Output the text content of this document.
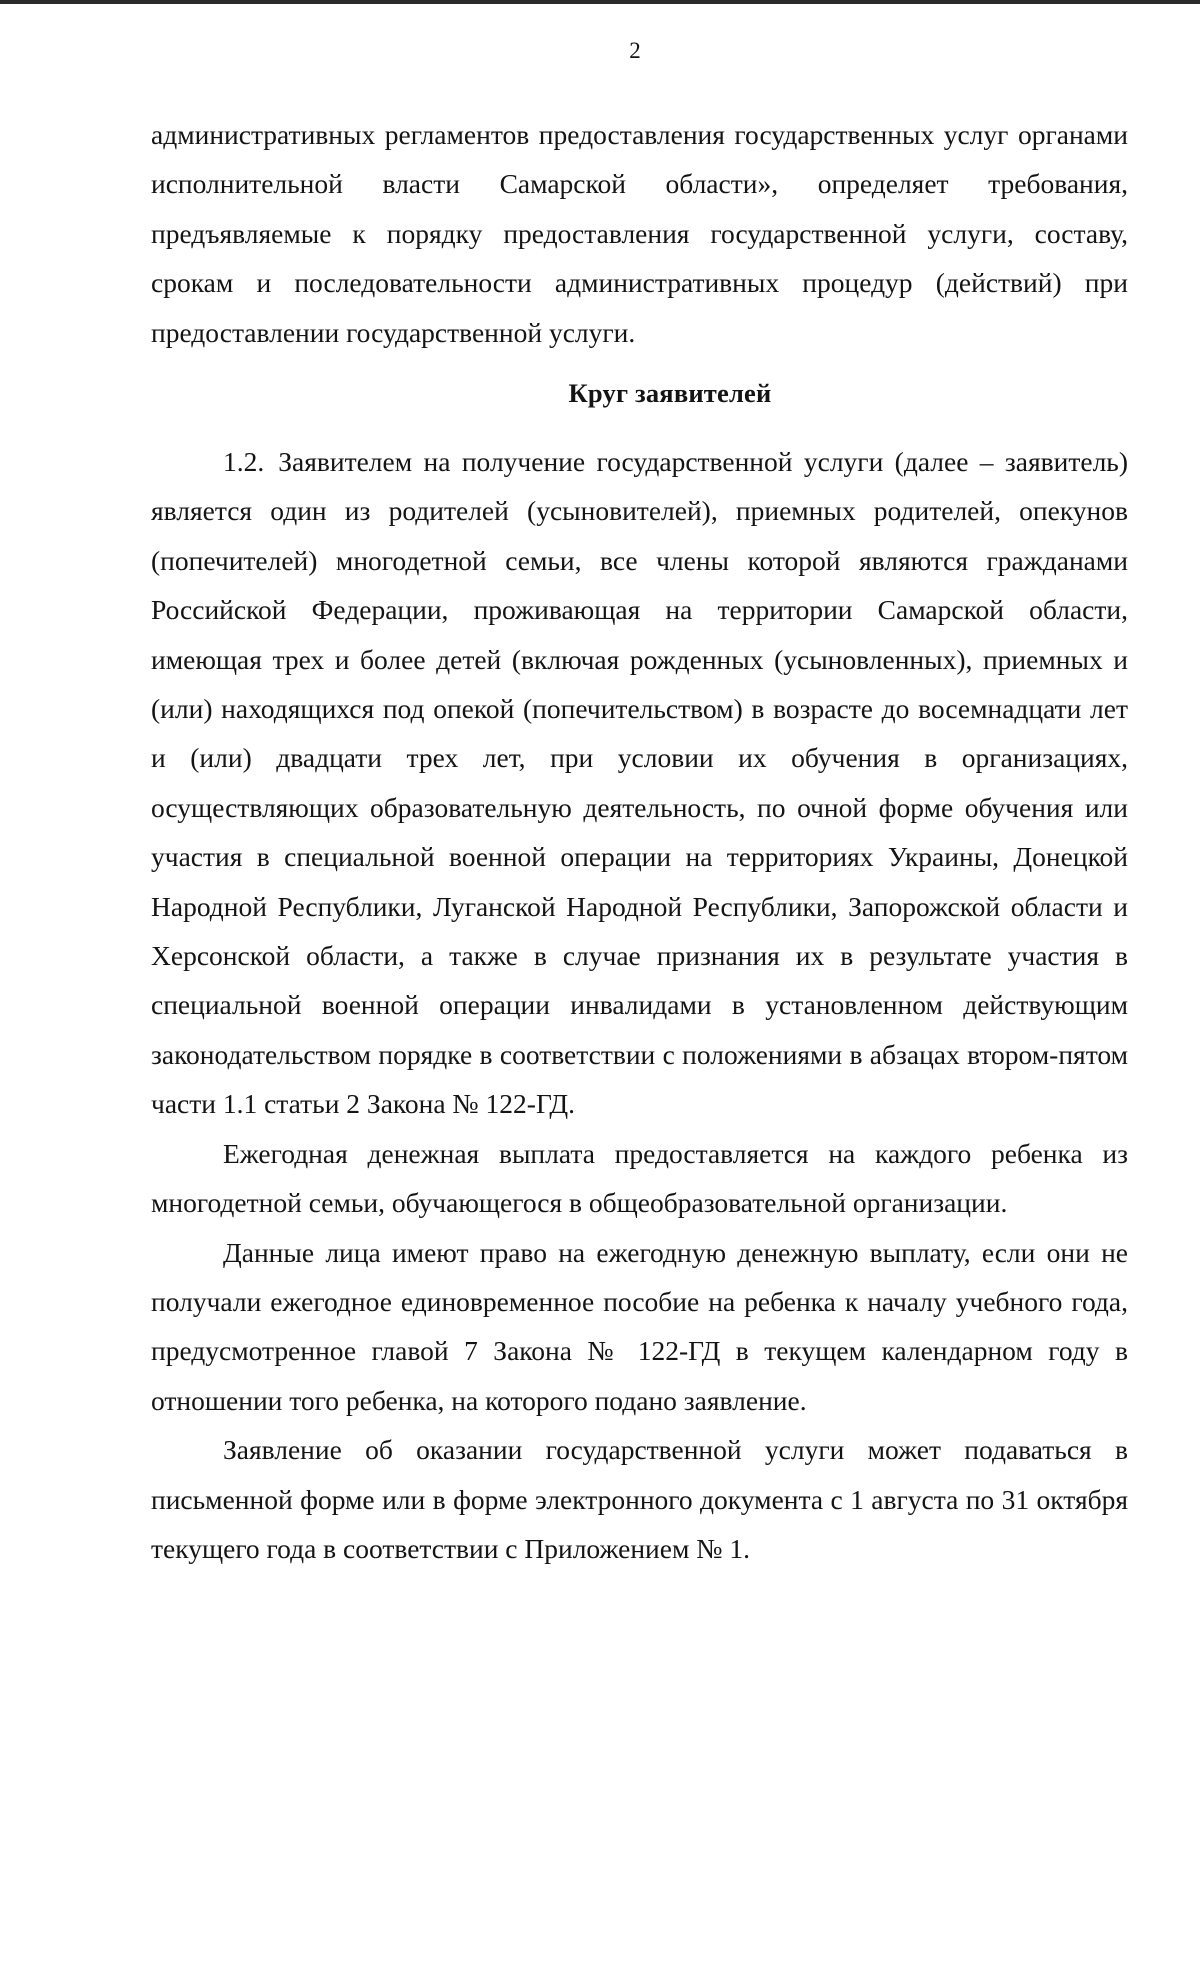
2

административных регламентов предоставления государственных услуг органами исполнительной власти Самарской области», определяет требования, предъявляемые к порядку предоставления государственной услуги, составу, срокам и последовательности административных процедур (действий) при предоставлении государственной услуги.

Круг заявителей

1.2. Заявителем на получение государственной услуги (далее – заявитель) является один из родителей (усыновителей), приемных родителей, опекунов (попечителей) многодетной семьи, все члены которой являются гражданами Российской Федерации, проживающая на территории Самарской области, имеющая трех и более детей (включая рожденных (усыновленных), приемных и (или) находящихся под опекой (попечительством) в возрасте до восемнадцати лет и (или) двадцати трех лет, при условии их обучения в организациях, осуществляющих образовательную деятельность, по очной форме обучения или участия в специальной военной операции на территориях Украины, Донецкой Народной Республики, Луганской Народной Республики, Запорожской области и Херсонской области, а также в случае признания их в результате участия в специальной военной операции инвалидами в установленном действующим законодательством порядке в соответствии с положениями в абзацах втором-пятом части 1.1 статьи 2 Закона № 122-ГД.

Ежегодная денежная выплата предоставляется на каждого ребенка из многодетной семьи, обучающегося в общеобразовательной организации.

Данные лица имеют право на ежегодную денежную выплату, если они не получали ежегодное единовременное пособие на ребенка к началу учебного года, предусмотренное главой 7 Закона № 122-ГД в текущем календарном году в отношении того ребенка, на которого подано заявление.

Заявление об оказании государственной услуги может подаваться в письменной форме или в форме электронного документа с 1 августа по 31 октября текущего года в соответствии с Приложением № 1.
